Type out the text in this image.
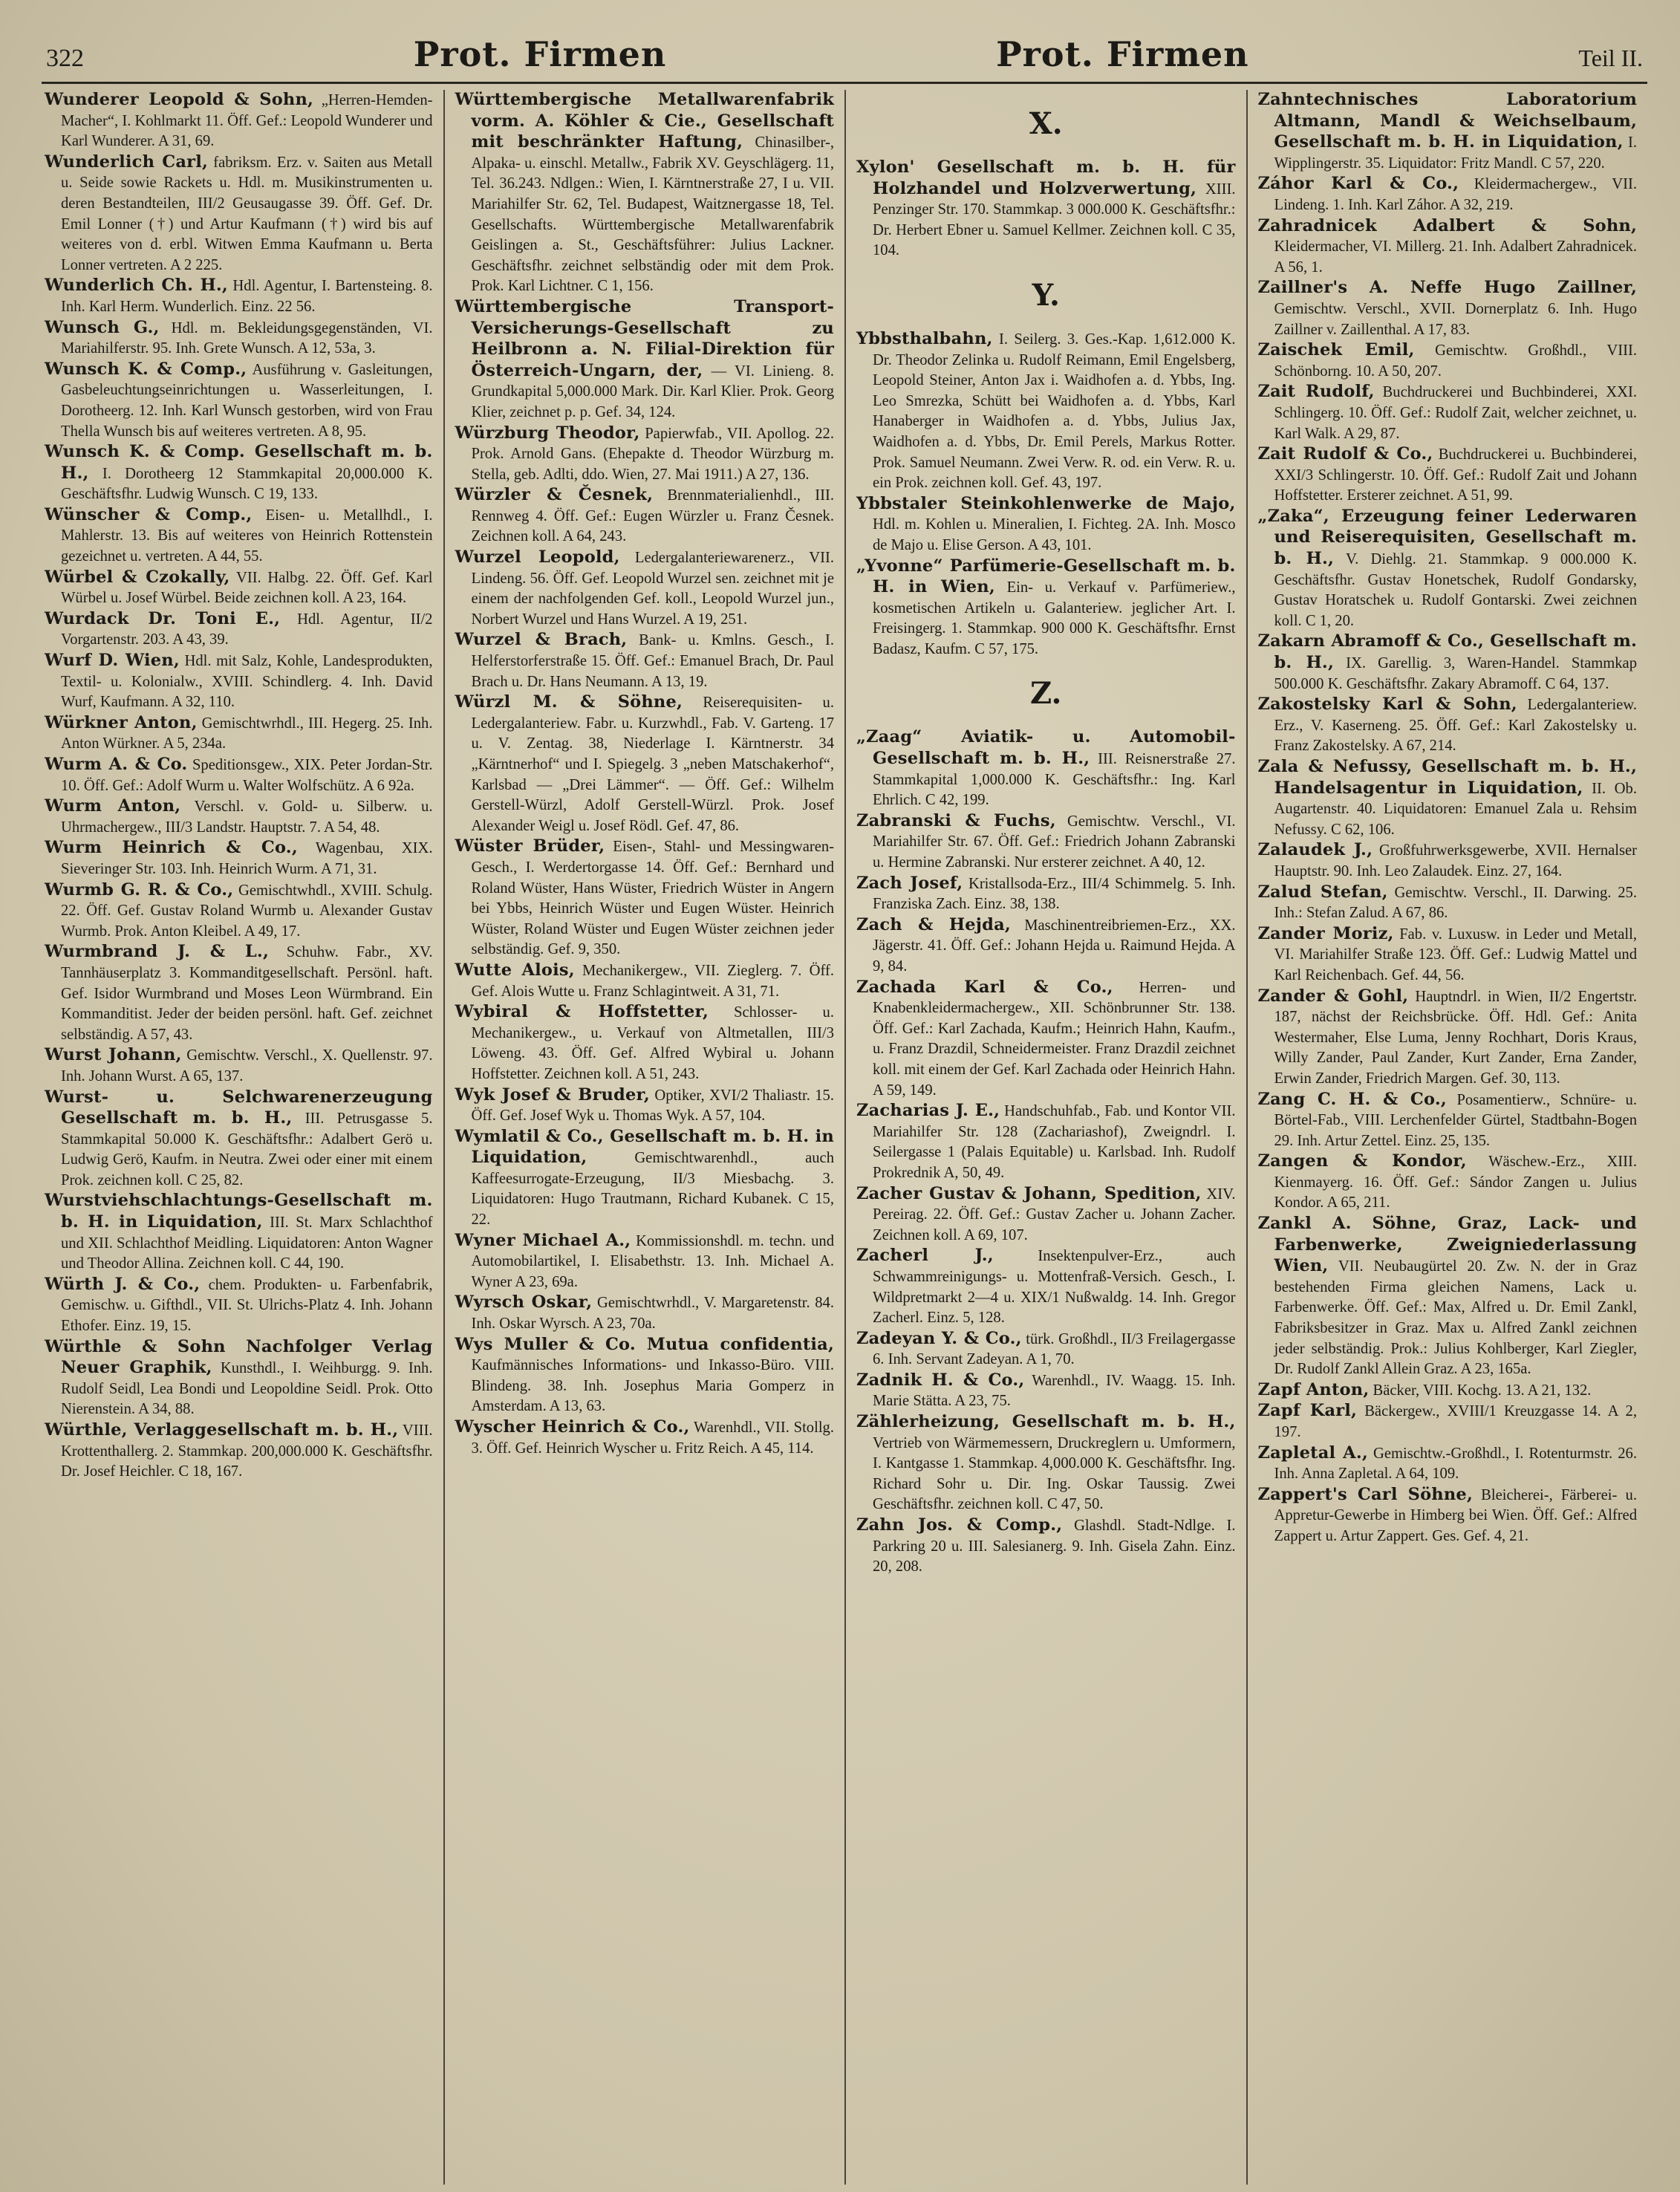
322	Prot. Firmen	Prot. Firmen	Teil II.

Wunderer Leopold & Sohn, „Herren-Hemden-Macher“, I. Kohlmarkt 11. Öff. Gef.: Leopold Wunderer und Karl Wunderer. A 31, 69.

Wunderlich Carl, fabriksm. Erz. v. Saiten aus Metall u. Seide sowie Rackets u. Hdl. m. Musikinstrumenten u. deren Bestandteilen, III/2 Geusaugasse 39. Öff. Gef. Dr. Emil Lonner (†) und Artur Kaufmann (†) wird bis auf weiteres von d. erbl. Witwen Emma Kaufmann u. Berta Lonner vertreten. A 2 225.

Wunderlich Ch. H., Hdl. Agentur, I. Bartensteing. 8. Inh. Karl Herm. Wunderlich. Einz. 22 56.

Wunsch G., Hdl. m. Bekleidungsgegenständen, VI. Mariahilferstr. 95. Inh. Grete Wunsch. A 12, 53a, 3.

Wunsch K. & Comp., Ausführung v. Gasleitungen, Gasbeleuchtungseinrichtungen u. Wasserleitungen, I. Dorotheerg. 12. Inh. Karl Wunsch gestorben, wird von Frau Thella Wunsch bis auf weiteres vertreten. A 8, 95.

Wunsch K. & Comp. Gesellschaft m. b. H., I. Dorotheerg 12 Stammkapital 20,000.000 K. Geschäftsfhr. Ludwig Wunsch. C 19, 133.

Wünscher & Comp., Eisen- u. Metallhdl., I. Mahlerstr. 13. Bis auf weiteres von Heinrich Rottenstein gezeichnet u. vertreten. A 44, 55.

Würbel & Czokally, VII. Halbg. 22. Öff. Gef. Karl Würbel u. Josef Würbel. Beide zeichnen koll. A 23, 164.

Wurdack Dr. Toni E., Hdl. Agentur, II/2 Vorgartenstr. 203. A 43, 39.

Wurf D. Wien, Hdl. mit Salz, Kohle, Landesprodukten, Textil- u. Kolonialw., XVIII. Schindlerg. 4. Inh. David Wurf, Kaufmann. A 32, 110.

Würkner Anton, Gemischtwrhdl., III. Hegerg. 25. Inh. Anton Würkner. A 5, 234a.

Wurm A. & Co. Speditionsgew., XIX. Peter Jordan-Str. 10. Öff. Gef.: Adolf Wurm u. Walter Wolfschütz. A 6 92a.

Wurm Anton, Verschl. v. Gold- u. Silberw. u. Uhrmachergew., III/3 Landstr. Hauptstr. 7. A 54, 48.

Wurm Heinrich & Co., Wagenbau, XIX. Sieveringer Str. 103. Inh. Heinrich Wurm. A 71, 31.

Wurmb G. R. & Co., Gemischtwhdl., XVIII. Schulg. 22. Öff. Gef. Gustav Roland Wurmb u. Alexander Gustav Wurmb. Prok. Anton Kleibel. A 49, 17.

Wurmbrand J. & L., Schuhw. Fabr., XV. Tannhäuserplatz 3. Kommanditgesellschaft. Persönl. haft. Gef. Isidor Wurmbrand und Moses Leon Würmbrand. Ein Kommanditist. Jeder der beiden persönl. haft. Gef. zeichnet selbständig. A 57, 43.

Wurst Johann, Gemischtw. Verschl., X. Quellenstr. 97. Inh. Johann Wurst. A 65, 137.

Wurst- u. Selchwarenerzeugung Gesellschaft m. b. H., III. Petrusgasse 5. Stammkapital 50.000 K. Geschäftsfhr.: Adalbert Gerö u. Ludwig Gerö, Kaufm. in Neutra. Zwei oder einer mit einem Prok. zeichnen koll. C 25, 82.

Wurstviehschlachtungs-Gesellschaft m. b. H. in Liquidation, III. St. Marx Schlachthof und XII. Schlachthof Meidling. Liquidatoren: Anton Wagner und Theodor Allina. Zeichnen koll. C 44, 190.

Würth J. & Co., chem. Produkten- u. Farbenfabrik, Gemischw. u. Gifthdl., VII. St. Ulrichs-Platz 4. Inh. Johann Ethofer. Einz. 19, 15.

Würthle & Sohn Nachfolger Verlag Neuer Graphik, Kunsthdl., I. Weihburgg. 9. Inh. Rudolf Seidl, Lea Bondi und Leopoldine Seidl. Prok. Otto Nierenstein. A 34, 88.

Würthle, Verlaggesellschaft m. b. H., VIII. Krottenthallerg. 2. Stammkap. 200,000.000 K. Geschäftsfhr. Dr. Josef Heichler. C 18, 167.

Württembergische Metallwarenfabrik vorm. A. Köhler & Cie., Gesellschaft mit beschränkter Haftung, Chinasilber-, Alpaka- u. einschl. Metallw., Fabrik XV. Geyschlägerg. 11, Tel. 36.243. Ndlgen.: Wien, I. Kärntnerstraße 27, I u. VII. Mariahilfer Str. 62, Tel. Budapest, Waitznergasse 18, Tel. Gesellschafts. Württembergische Metallwarenfabrik Geislingen a. St., Geschäftsführer: Julius Lackner. Geschäftsfhr. zeichnet selbständig oder mit dem Prok. Prok. Karl Lichtner. C 1, 156.

Württembergische Transport-Versicherungs-Gesellschaft zu Heilbronn a. N. Filial-Direktion für Österreich-Ungarn, der, — VI. Linieng. 8. Grundkapital 5,000.000 Mark. Dir. Karl Klier. Prok. Georg Klier, zeichnet p. p. Gef. 34, 124.

Würzburg Theodor, Papierwfab., VII. Apollog. 22. Prok. Arnold Gans. (Ehepakte d. Theodor Würzburg m. Stella, geb. Adlti, ddo. Wien, 27. Mai 1911.) A 27, 136.

Würzler & Česnek, Brennmaterialienhdl., III. Rennweg 4. Öff. Gef.: Eugen Würzler u. Franz Česnek. Zeichnen koll. A 64, 243.

Wurzel Leopold, Ledergalanteriewarenerz., VII. Lindeng. 56. Öff. Gef. Leopold Wurzel sen. zeichnet mit je einem der nachfolgenden Gef. koll., Leopold Wurzel jun., Norbert Wurzel und Hans Wurzel. A 19, 251.

Wurzel & Brach, Bank- u. Kmlns. Gesch., I. Helferstorferstraße 15. Öff. Gef.: Emanuel Brach, Dr. Paul Brach u. Dr. Hans Neumann. A 13, 19.

Würzl M. & Söhne, Reiserequisiten- u. Ledergalanteriew. Fabr. u. Kurzwhdl., Fab. V. Garteng. 17 u. V. Zentag. 38, Niederlage I. Kärntnerstr. 34 „Kärntnerhof“ und I. Spiegelg. 3 „neben Matschakerhof“, Karlsbad — „Drei Lämmer“. — Öff. Gef.: Wilhelm Gerstell-Würzl, Adolf Gerstell-Würzl. Prok. Josef Alexander Weigl u. Josef Rödl. Gef. 47, 86.

Wüster Brüder, Eisen-, Stahl- und Messingwaren-Gesch., I. Werdertorgasse 14. Öff. Gef.: Bernhard und Roland Wüster, Hans Wüster, Friedrich Wüster in Angern bei Ybbs, Heinrich Wüster und Eugen Wüster. Heinrich Wüster, Roland Wüster und Eugen Wüster zeichnen jeder selbständig. Gef. 9, 350.

Wutte Alois, Mechanikergew., VII. Zieglerg. 7. Öff. Gef. Alois Wutte u. Franz Schlagintweit. A 31, 71.

Wybiral & Hoffstetter, Schlosser- u. Mechanikergew., u. Verkauf von Altmetallen, III/3 Löweng. 43. Öff. Gef. Alfred Wybiral u. Johann Hoffstetter. Zeichnen koll. A 51, 243.

Wyk Josef & Bruder, Optiker, XVI/2 Thaliastr. 15. Öff. Gef. Josef Wyk u. Thomas Wyk. A 57, 104.

Wymlatil & Co., Gesellschaft m. b. H. in Liquidation,	Gemischtwarenhdl., auch Kaffeesurrogate-Erzeugung, II/3 Miesbachg. 3. Liquidatoren: Hugo Trautmann, Richard Kubanek. C 15, 22.

Wyner Michael A., Kommissionshdl. m. techn. und Automobilartikel, I. Elisabethstr. 13. Inh. Michael A. Wyner A 23, 69a.

Wyrsch Oskar, Gemischtwrhdl., V. Margaretenstr. 84. Inh. Oskar Wyrsch. A 23, 70a.

Wys Muller & Co. Mutua confidentia, Kaufmännisches Informations- und Inkasso-Büro. VIII. Blindeng. 38. Inh. Josephus Maria Gomperz in Amsterdam. A 13, 63.

Wyscher Heinrich & Co., Warenhdl., VII. Stollg. 3. Öff. Gef. Heinrich Wyscher u. Fritz Reich. A 45, 114.

X.

Xylon' Gesellschaft m. b. H. für Holzhandel und Holzverwertung, XIII. Penzinger Str. 170. Stammkap. 3 000.000 K. Geschäftsfhr.: Dr. Herbert Ebner u. Samuel Kellmer. Zeichnen koll. C 35, 104.

Y.

Ybbsthalbahn, I. Seilerg. 3. Ges.-Kap. 1,612.000 K. Dr. Theodor Zelinka u. Rudolf Reimann, Emil Engelsberg, Leopold Steiner, Anton Jax i. Waidhofen a. d. Ybbs, Ing. Leo Smrezka, Schütt bei Waidhofen a. d. Ybbs, Karl Hanaberger in Waidhofen a. d. Ybbs, Julius Jax, Waidhofen a. d. Ybbs, Dr. Emil Perels, Markus Rotter. Prok. Samuel Neumann. Zwei Verw. R. od. ein Verw. R. u. ein Prok. zeichnen koll. Gef. 43, 197.

Ybbstaler Steinkohlenwerke de Majo, Hdl. m. Kohlen u. Mineralien, I. Fichteg. 2A. Inh. Mosco de Majo u. Elise Gerson. A 43, 101.

„Yvonne“ Parfümerie-Gesellschaft m. b. H. in Wien, Ein- u. Verkauf v. Parfümeriew., kosmetischen Artikeln u. Galanteriew. jeglicher Art. I. Freisingerg. 1. Stammkap. 900 000 K. Geschäftsfhr. Ernst Badasz, Kaufm. C 57, 175.

Z.

„Zaag“ Aviatik- u. Automobil-Gesellschaft m. b. H., III. Reisnerstraße 27. Stammkapital 1,000.000 K. Geschäftsfhr.: Ing. Karl Ehrlich. C 42, 199.

Zabranski & Fuchs, Gemischtw. Verschl., VI. Mariahilfer Str. 67. Öff. Gef.: Friedrich Johann Zabranski u. Hermine Zabranski. Nur ersterer zeichnet. A 40, 12.

Zach Josef, Kristallsoda-Erz., III/4 Schimmelg. 5. Inh. Franziska Zach. Einz. 38, 138.

Zach & Hejda, Maschinentreibriemen-Erz., XX. Jägerstr. 41. Öff. Gef.: Johann Hejda u. Raimund Hejda. A 9, 84.

Zachada Karl & Co., Herren- und Knabenkleidermachergew., XII. Schönbrunner Str. 138. Öff. Gef.: Karl Zachada, Kaufm.; Heinrich Hahn, Kaufm., u. Franz Drazdil, Schneidermeister. Franz Drazdil zeichnet koll. mit einem der Gef. Karl Zachada oder Heinrich Hahn. A 59, 149.

Zacharias J. E., Handschuhfab., Fab. und Kontor VII. Mariahilfer Str. 128 (Zachariashof), Zweigndrl. I. Seilergasse 1 (Palais Equitable) u. Karlsbad. Inh. Rudolf Prokrednik A, 50, 49.

Zacher Gustav & Johann, Spedition, XIV. Pereirag. 22. Öff. Gef.: Gustav Zacher u. Johann Zacher. Zeichnen koll. A 69, 107.

Zacherl J.,	Insektenpulver-Erz., auch Schwammreinigungs- u. Mottenfraß-Versich. Gesch., I. Wildpretmarkt 2—4 u. XIX/1 Nußwaldg. 14. Inh. Gregor Zacherl. Einz. 5, 128.

Zadeyan Y. & Co., türk. Großhdl., II/3 Freilagergasse 6. Inh. Servant Zadeyan. A 1, 70.

Zadnik H. & Co., Warenhdl., IV. Waagg. 15. Inh. Marie Stätta. A 23, 75.

Zählerheizung, Gesellschaft m. b. H., Vertrieb von Wärmemessern, Druckreglern u. Umformern, I. Kantgasse 1. Stammkap. 4,000.000 K. Geschäftsfhr. Ing. Richard Sohr u. Dir. Ing. Oskar Taussig. Zwei Geschäftsfhr. zeichnen koll. C 47, 50.

Zahn Jos. & Comp., Glashdl. Stadt-Ndlge. I. Parkring 20 u. III. Salesianerg. 9. Inh. Gisela Zahn. Einz. 20, 208.

Zahntechnisches Laboratorium Altmann, Mandl & Weichselbaum, Gesellschaft m. b. H. in Liquidation, I. Wipplingerstr. 35. Liquidator: Fritz Mandl. C 57, 220.

Záhor Karl & Co., Kleidermachergew., VII. Lindeng. 1. Inh. Karl Záhor. A 32, 219.

Zahradnicek Adalbert & Sohn, Kleidermacher, VI. Millerg. 21. Inh. Adalbert Zahradnicek. A 56, 1.

Zaillner's A. Neffe Hugo Zaillner, Gemischtw. Verschl., XVII. Dornerplatz 6. Inh. Hugo Zaillner v. Zaillenthal. A 17, 83.

Zaischek Emil, Gemischtw. Großhdl., VIII. Schönborng. 10. A 50, 207.

Zait Rudolf, Buchdruckerei und Buchbinderei, XXI. Schlingerg. 10. Öff. Gef.: Rudolf Zait, welcher zeichnet, u. Karl Walk. A 29, 87.

Zait Rudolf & Co., Buchdruckerei u. Buchbinderei, XXI/3 Schlingerstr. 10. Öff. Gef.: Rudolf Zait und Johann Hoffstetter. Ersterer zeichnet. A 51, 99.

„Zaka“, Erzeugung feiner Lederwaren und Reiserequisiten, Gesellschaft m. b. H., V. Diehlg. 21. Stammkap. 9 000.000 K. Geschäftsfhr. Gustav Honetschek, Rudolf Gondarsky, Gustav Horatschek u. Rudolf Gontarski. Zwei zeichnen koll. C 1, 20.

Zakarn Abramoff & Co., Gesellschaft m. b. H., IX. Garellig. 3, Waren-Handel. Stammkap 500.000 K. Geschäftsfhr. Zakary Abramoff. C 64, 137.

Zakostelsky Karl & Sohn, Ledergalanteriew. Erz., V. Kaserneng. 25. Öff. Gef.: Karl Zakostelsky u. Franz Zakostelsky. A 67, 214.

Zala & Nefussy, Gesellschaft m. b. H., Handelsagentur in Liquidation, II. Ob. Augartenstr. 40. Liquidatoren: Emanuel Zala u. Rehsim Nefussy. C 62, 106.

Zalaudek J., Großfuhrwerksgewerbe, XVII. Hernalser Hauptstr. 90. Inh. Leo Zalaudek. Einz. 27, 164.

Zalud Stefan, Gemischtw. Verschl., II. Darwing. 25. Inh.: Stefan Zalud. A 67, 86.

Zander Moriz, Fab. v. Luxusw. in Leder und Metall, VI. Mariahilfer Straße 123. Öff. Gef.: Ludwig Mattel und Karl Reichenbach. Gef. 44, 56.

Zander & Gohl, Hauptndrl. in Wien, II/2 Engertstr. 187, nächst der Reichsbrücke. Öff. Hdl. Gef.: Anita Westermaher, Else Luma, Jenny Rochhart, Doris Kraus, Willy Zander, Paul Zander, Kurt Zander, Erna Zander, Erwin Zander, Friedrich Margen. Gef. 30, 113.

Zang C. H. & Co., Posamentierw., Schnüre- u. Börtel-Fab., VIII. Lerchenfelder Gürtel, Stadtbahn-Bogen 29. Inh. Artur Zettel. Einz. 25, 135.

Zangen & Kondor, Wäschew.-Erz., XIII. Kienmayerg. 16. Öff. Gef.: Sándor Zangen u. Julius Kondor. A 65, 211.

Zankl A. Söhne, Graz, Lack- und Farbenwerke, Zweigniederlassung Wien, VII. Neubaugürtel 20. Zw. N. der in Graz bestehenden Firma gleichen Namens, Lack u. Farbenwerke. Öff. Gef.: Max, Alfred u. Dr. Emil Zankl, Fabriksbesitzer in Graz. Max u. Alfred Zankl zeichnen jeder selbständig. Prok.: Julius Kohlberger, Karl Ziegler, Dr. Rudolf Zankl Allein Graz. A 23, 165a.

Zapf Anton, Bäcker, VIII. Kochg. 13. A 21, 132.

Zapf Karl, Bäckergew., XVIII/1 Kreuzgasse 14. A 2, 197.

Zapletal A., Gemischtw.-Großhdl., I. Rotenturmstr. 26. Inh. Anna Zapletal. A 64, 109.

Zappert's Carl Söhne, Bleicherei-, Färberei- u. Appretur-Gewerbe in Himberg bei Wien. Öff. Gef.: Alfred Zappert u. Artur Zappert. Ges. Gef. 4, 21.
